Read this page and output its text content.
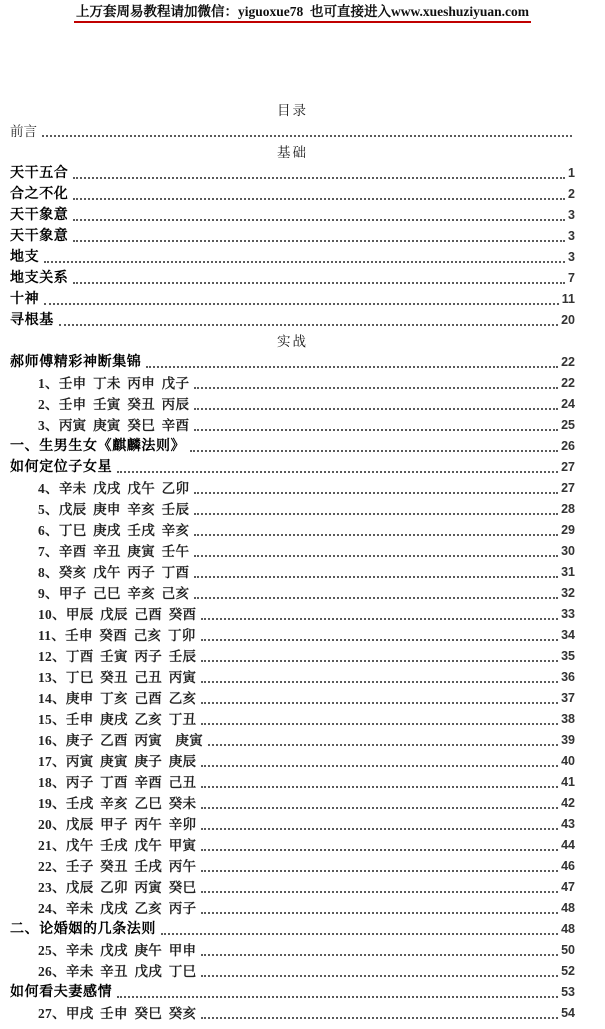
上万套周易教程请加微信：yiguoxue78  也可直接进入www.xueshuziyuan.com
目录
前言
基础
天干五合	1
合之不化	2
天干象意	3
天干象意	3
地支	3
地支关系	7
十神	11
寻根基	20
实战
郝师傅精彩神断集锦	22
1、壬申 丁未 丙申 戊子	22
2、壬申 壬寅 癸丑 丙辰	24
3、丙寅 庚寅 癸巳 辛酉	25
一、生男生女《麒麟法则》	26
如何定位子女星	27
4、辛未 戊戌 戊午 乙卯	27
5、戊辰 庚申 辛亥 壬辰	28
6、丁巳 庚戌 壬戌 辛亥	29
7、辛酉 辛丑 庚寅 壬午	30
8、癸亥 戊午 丙子 丁酉	31
9、甲子 己巳 辛亥 己亥	32
10、甲辰 戊辰 己酉 癸酉	33
11、壬申 癸酉 己亥 丁卯	34
12、丁酉 壬寅 丙子 壬辰	35
13、丁巳 癸丑 己丑 丙寅	36
14、庚申 丁亥 己酉 乙亥	37
15、壬申 庚戌 乙亥 丁丑	38
16、庚子 乙酉 丙寅  庚寅	39
17、丙寅 庚寅 庚子 庚辰	40
18、丙子 丁酉 辛酉 己丑	41
19、壬戌 辛亥 乙巳 癸未	42
20、戊辰 甲子 丙午 辛卯	43
21、戊午 壬戌 戊午 甲寅	44
22、壬子 癸丑 壬戌 丙午	46
23、戊辰 乙卯 丙寅 癸巳	47
24、辛未 戊戌 乙亥 丙子	48
二、论婚姻的几条法则	48
25、辛未 戊戌 庚午 甲申	50
26、辛未 辛丑 戊戌 丁巳	52
如何看夫妻感情	53
27、甲戌 壬申 癸巳 癸亥	54
